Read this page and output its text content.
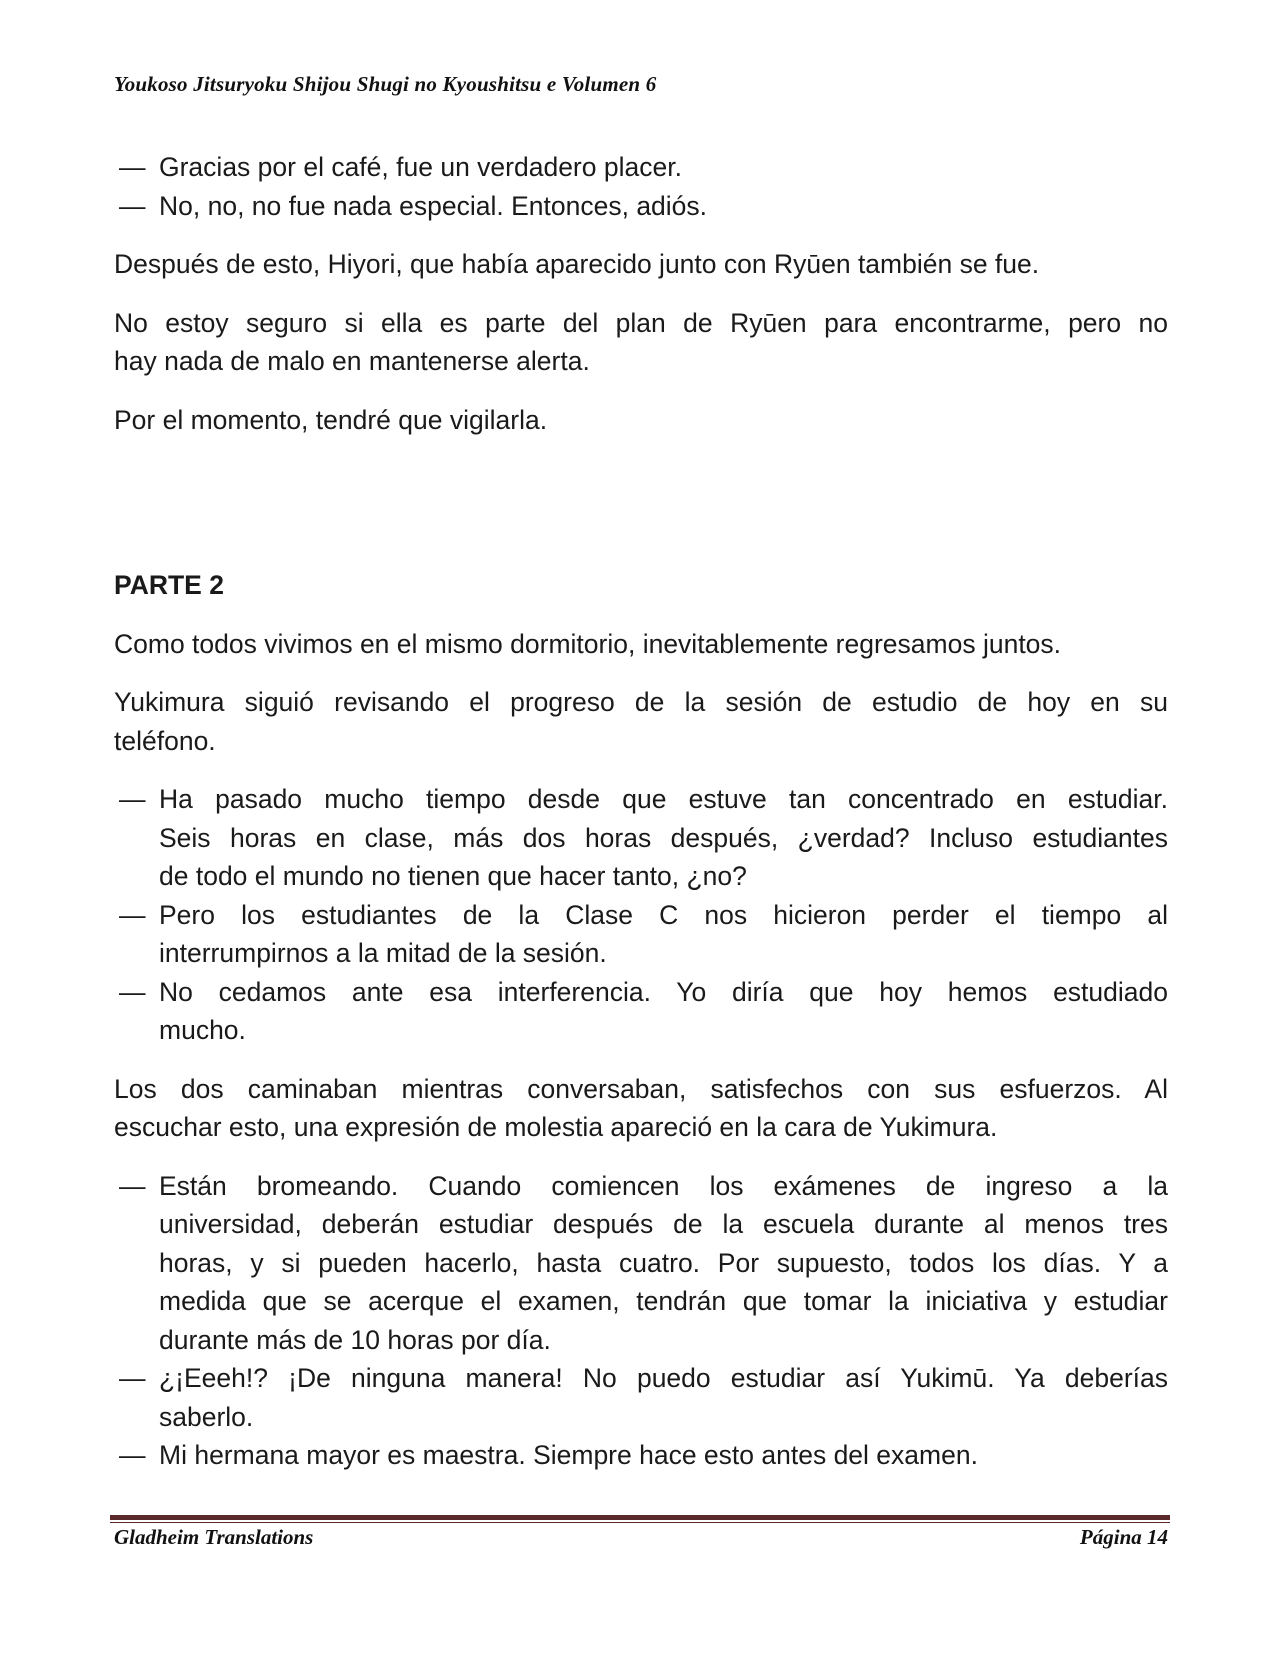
Youkoso Jitsuryoku Shijou Shugi no Kyoushitsu e Volumen 6
— Gracias por el café, fue un verdadero placer.
— No, no, no fue nada especial. Entonces, adiós.
Después de esto, Hiyori, que había aparecido junto con Ryūen también se fue.
No estoy seguro si ella es parte del plan de Ryūen para encontrarme, pero no
hay nada de malo en mantenerse alerta.
Por el momento, tendré que vigilarla.
PARTE 2
Como todos vivimos en el mismo dormitorio, inevitablemente regresamos juntos.
Yukimura siguió revisando el progreso de la sesión de estudio de hoy en su
teléfono.
— Ha pasado mucho tiempo desde que estuve tan concentrado en estudiar.
Seis horas en clase, más dos horas después, ¿verdad? Incluso estudiantes
de todo el mundo no tienen que hacer tanto, ¿no?
— Pero los estudiantes de la Clase C nos hicieron perder el tiempo al
interrumpirnos a la mitad de la sesión.
— No cedamos ante esa interferencia. Yo diría que hoy hemos estudiado
mucho.
Los dos caminaban mientras conversaban, satisfechos con sus esfuerzos. Al
escuchar esto, una expresión de molestia apareció en la cara de Yukimura.
— Están bromeando. Cuando comiencen los exámenes de ingreso a la
universidad, deberán estudiar después de la escuela durante al menos tres
horas, y si pueden hacerlo, hasta cuatro. Por supuesto, todos los días. Y a
medida que se acerque el examen, tendrán que tomar la iniciativa y estudiar
durante más de 10 horas por día.
— ¿¡Eeeh!? ¡De ninguna manera! No puedo estudiar así Yukimū. Ya deberías
saberlo.
— Mi hermana mayor es maestra. Siempre hace esto antes del examen.
Gladheim Translations	Página 14
